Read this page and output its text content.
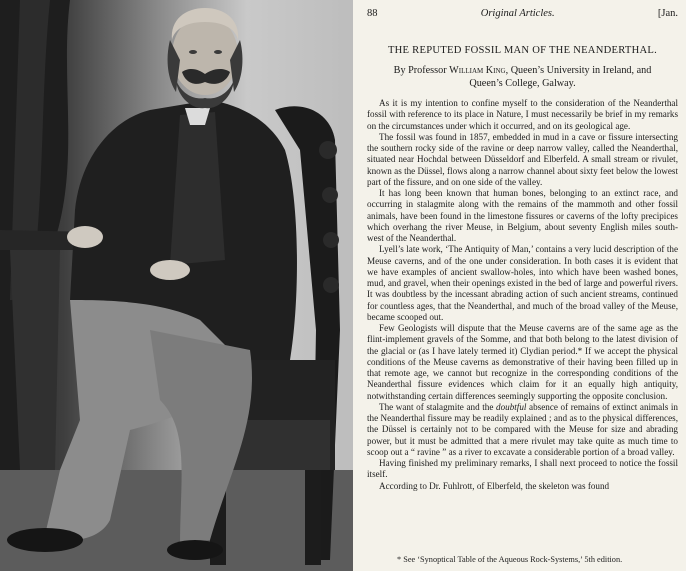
88	Original Articles.	[Jan.
THE REPUTED FOSSIL MAN OF THE NEANDERTHAL.
By Professor William King, Queen’s University in Ireland, and
Queen’s College, Galway.

As it is my intention to confine myself to the consideration of the Neanderthal fossil with reference to its place in Nature, I must necessarily be brief in my remarks on the circumstances under which it occurred, and on its geological age.

The fossil was found in 1857, embedded in mud in a cave or fissure intersecting the southern rocky side of the ravine or deep narrow valley, called the Neanderthal, situated near Hochdal between Düsseldorf and Elberfeld. A small stream or rivulet, known as the Düssel, flows along a narrow channel about sixty feet below the lowest part of the fissure, and on one side of the valley.

It has long been known that human bones, belonging to an extinct race, and occurring in stalagmite along with the remains of the mammoth and other fossil animals, have been found in the limestone fissures or caverns of the lofty precipices which overhang the river Meuse, in Belgium, about seventy English miles south-west of the Neanderthal.

Lyell’s late work, ‘The Antiquity of Man,’ contains a very lucid description of the Meuse caverns, and of the one under consideration. In both cases it is evident that we have examples of ancient swallow-holes, into which have been washed bones, mud, and gravel, when their openings existed in the bed of large and powerful rivers. It was doubtless by the incessant abrading action of such ancient streams, continued for countless ages, that the Neanderthal, and much of the broad valley of the Meuse, became scooped out.

Few Geologists will dispute that the Meuse caverns are of the same age as the flint-implement gravels of the Somme, and that both belong to the latest division of the glacial or (as I have lately termed it) Clydian period.* If we accept the physical conditions of the Meuse caverns as demonstrative of their having been filled up in that remote age, we cannot but recognize in the corresponding conditions of the Neanderthal fissure evidences which claim for it an equally high antiquity, notwithstanding certain differences seemingly supporting the opposite conclusion.

The want of stalagmite and the doubtful absence of remains of extinct animals in the Neanderthal fissure may be readily explained ; and as to the physical differences, the Düssel is certainly not to be compared with the Meuse for size and abrading power, but it must be admitted that a mere rivulet may take quite as much time to scoop out a “ ravine ” as a river to excavate a considerable portion of a broad valley.

Having finished my preliminary remarks, I shall next proceed to notice the fossil itself.

According to Dr. Fuhlrott, of Elberfeld, the skeleton was found

* See ‘Synoptical Table of the Aqueous Rock-Systems,’ 5th edition.
